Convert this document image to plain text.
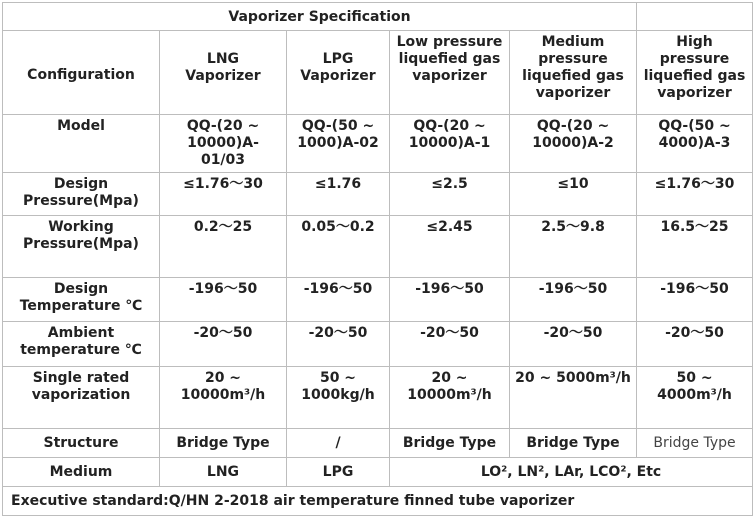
Vaporizer Specification					
Configuration	LNG
Vaporizer	LPG
Vaporizer	Low pressure
liquefied gas
vaporizer	Medium
pressure
liquefied gas
vaporizer	High
pressure
liquefied gas
vaporizer
Model	QQ-(20 ~
10000)A-
01/03	QQ-(50 ~
1000)A-02	QQ-(20 ~
10000)A-1	QQ-(20 ~
10000)A-2	QQ-(50 ~
4000)A-3
Design
Pressure(Mpa)	≤1.76～30	≤1.76	≤2.5	≤10	≤1.76～30
Working
Pressure(Mpa)	0.2～25	0.05～0.2	≤2.45	2.5～9.8	16.5～25
Design
Temperature ℃	-196～50	-196～50	-196～50	-196～50	-196～50
Ambient
temperature ℃	-20～50	-20～50	-20～50	-20～50	-20～50
Single rated
vaporization	20 ~
10000m³/h	50 ~
1000kg/h	20 ~
10000m³/h	20 ~ 5000m³/h	50 ~
4000m³/h
Structure	Bridge Type	/	Bridge Type	Bridge Type	Bridge Type
Medium	LNG	LPG	LO², LN², LAr, LCO², Etc		
Executive standard:Q/HN 2-2018 air temperature finned tube vaporizer					
